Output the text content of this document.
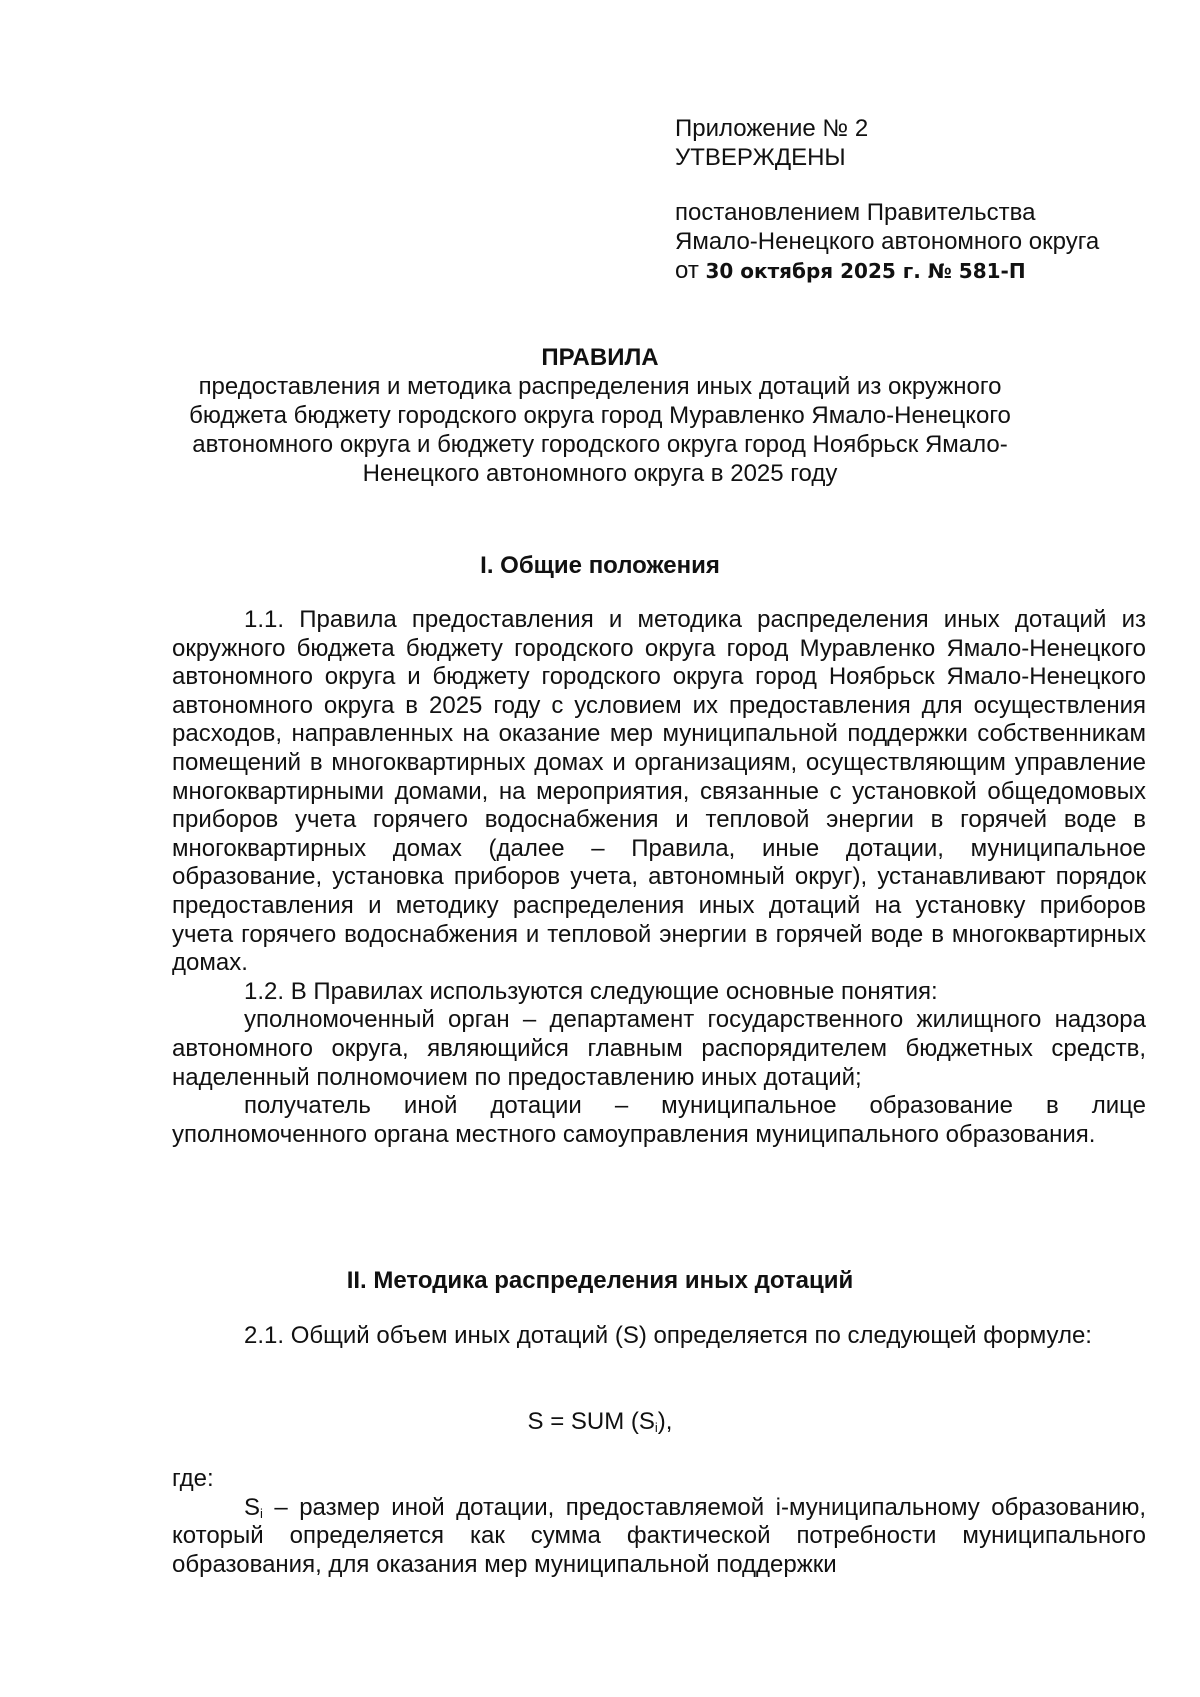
Приложение № 2
УТВЕРЖДЕНЫ
постановлением Правительства
Ямало-Ненецкого автономного округа
от 30 октября 2025 г. № 581-П
ПРАВИЛА
предоставления и методика распределения иных дотаций из окружного бюджета бюджету городского округа город Муравленко Ямало-Ненецкого автономного округа и бюджету городского округа город Ноябрьск Ямало-Ненецкого автономного округа в 2025 году
I. Общие положения

1.1. Правила предоставления и методика распределения иных дотаций из окружного бюджета бюджету городского округа город Муравленко Ямало-Ненецкого автономного округа и бюджету городского округа город Ноябрьск Ямало-Ненецкого автономного округа в 2025 году с условием их предоставления для осуществления расходов, направленных на оказание мер муниципальной поддержки собственникам помещений в многоквартирных домах и организациям, осуществляющим управление многоквартирными домами, на мероприятия, связанные с установкой общедомовых приборов учета горячего водоснабжения и тепловой энергии в горячей воде в многоквартирных домах (далее – Правила, иные дотации, муниципальное образование, установка приборов учета, автономный округ), устанавливают порядок предоставления и методику распределения иных дотаций на установку приборов учета горячего водоснабжения и тепловой энергии в горячей воде в многоквартирных домах.

1.2. В Правилах используются следующие основные понятия:

уполномоченный орган – департамент государственного жилищного надзора автономного округа, являющийся главным распорядителем бюджетных средств, наделенный полномочием по предоставлению иных дотаций;

получатель иной дотации – муниципальное образование в лице уполномоченного органа местного самоуправления муниципального образования.

II. Методика распределения иных дотаций

2.1. Общий объем иных дотаций (S) определяется по следующей формуле:

S = SUM $(S_i)$,

где:

$S_i$ – размер иной дотации, предоставляемой i-муниципальному образованию, который определяется как сумма фактической потребности муниципального образования, для оказания мер муниципальной поддержки
